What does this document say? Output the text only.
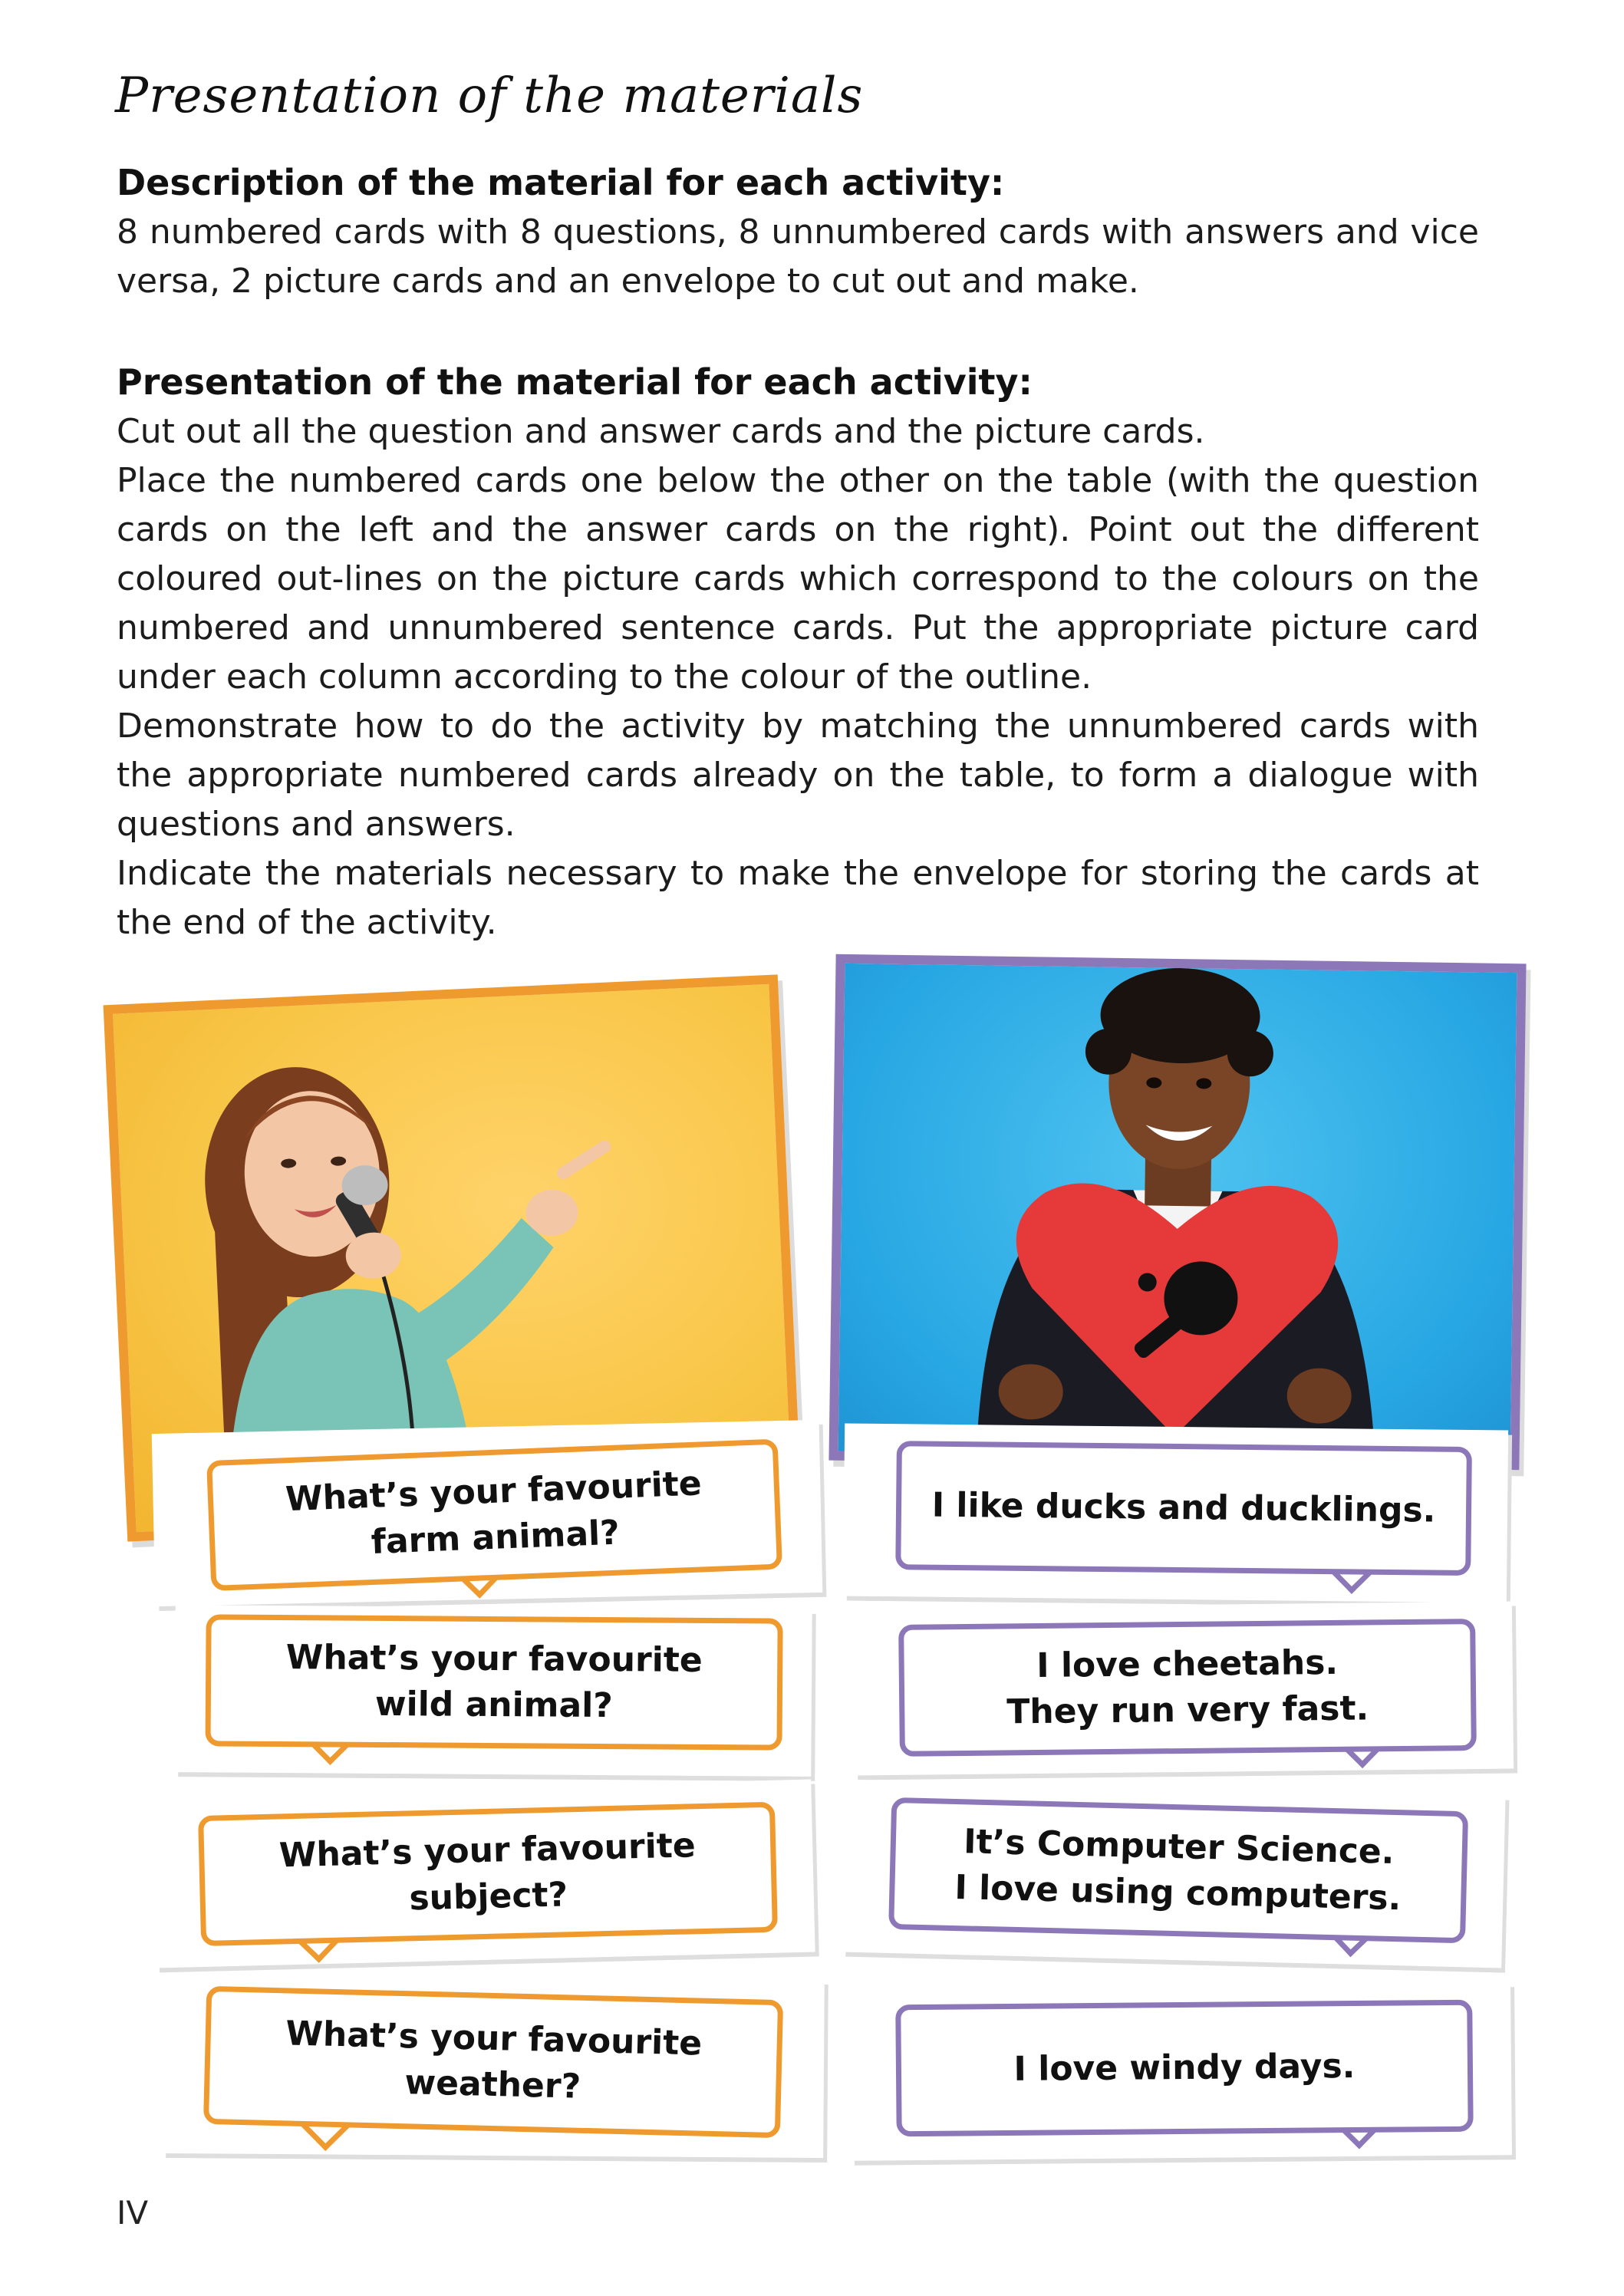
Presentation of the materials
Description of the material for each activity:
8 numbered cards with 8 questions, 8 unnumbered cards with answers and vice versa, 2 picture cards and an envelope to cut out and make.
Presentation of the material for each activity:
Cut out all the question and answer cards and the picture cards.
Place the numbered cards one below the other on the table (with the question cards on the left and the answer cards on the right). Point out the different coloured out-lines on the picture cards which correspond to the colours on the numbered and unnumbered sentence cards. Put the appropriate picture card under each column according to the colour of the outline.
Demonstrate how to do the activity by matching the unnumbered cards with the appropriate numbered cards already on the table, to form a dialogue with questions and answers.
Indicate the materials necessary to make the envelope for storing the cards at the end of the activity.
What’s your favourite
farm animal?
I like ducks and ducklings.
What’s your favourite
wild animal?
I love cheetahs.
They run very fast.
What’s your favourite subject?
It’s Computer Science.
I love using computers.
What’s your favourite weather?	I love windy days.
IV
